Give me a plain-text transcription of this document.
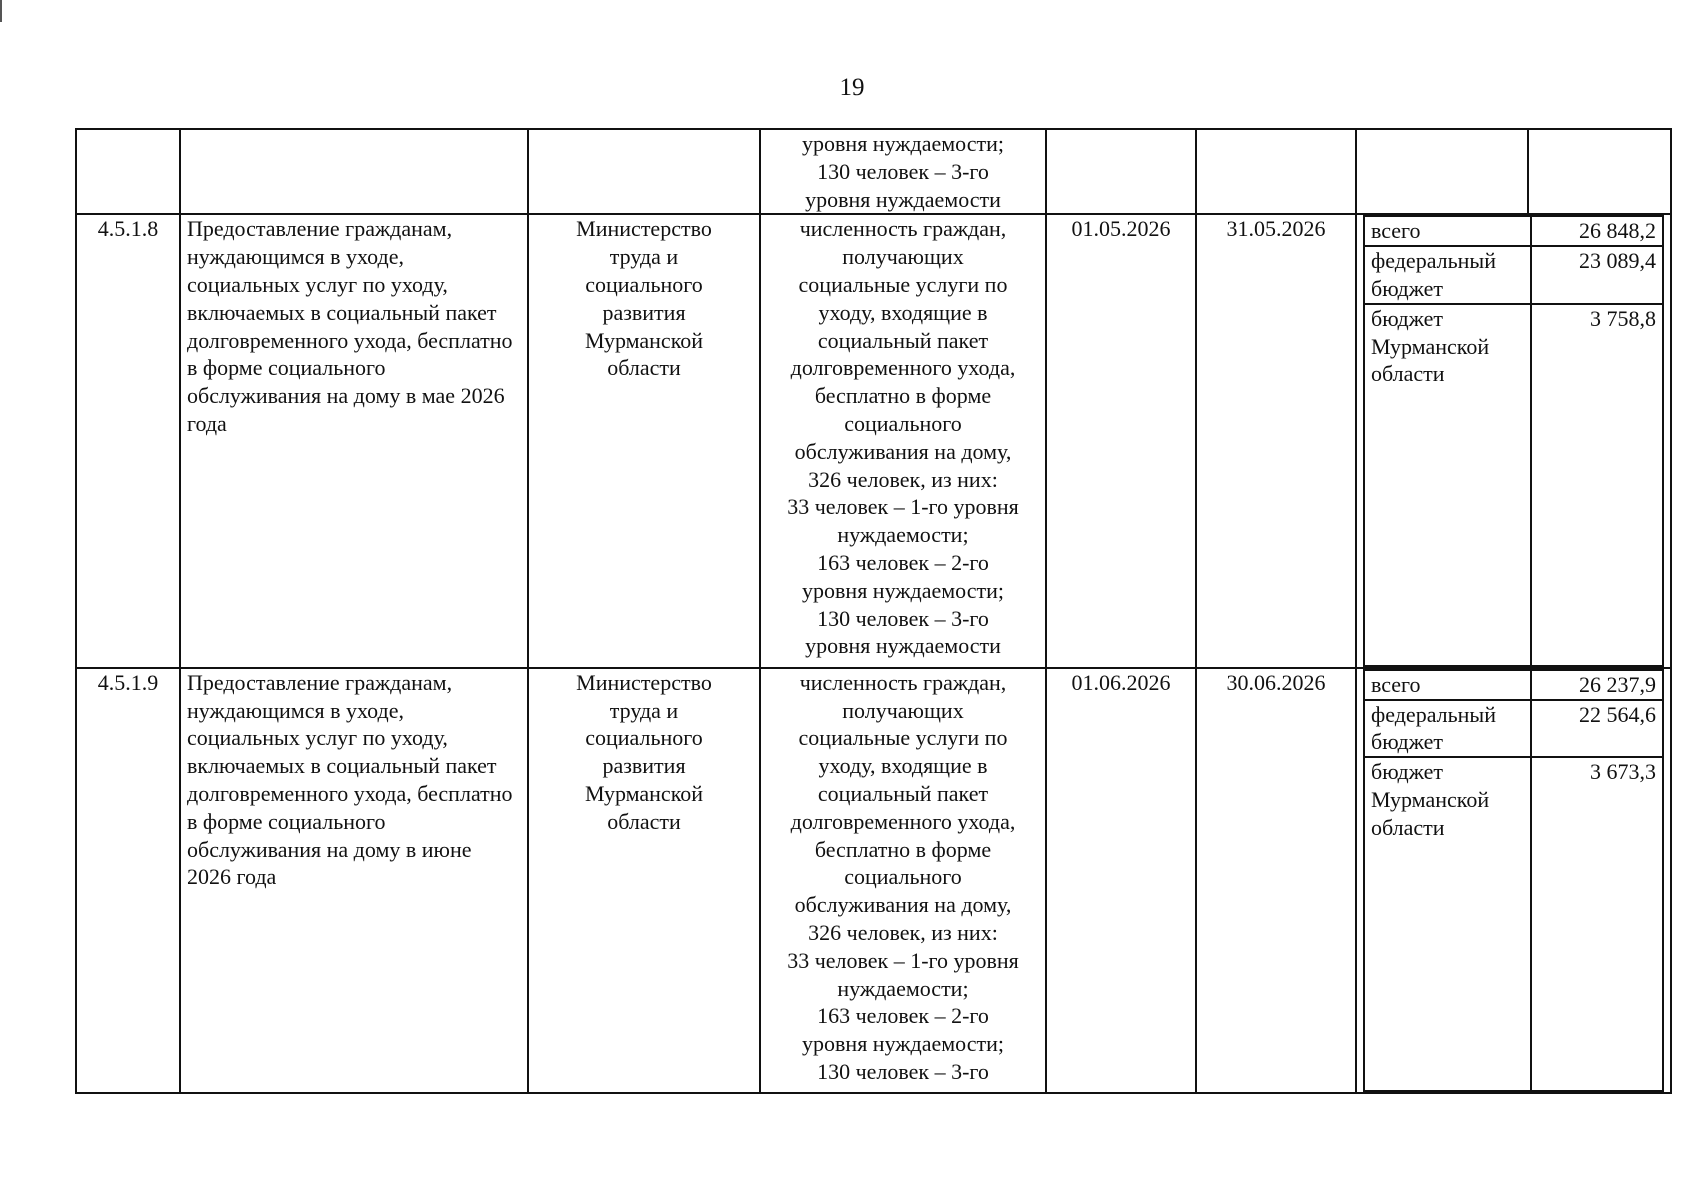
19
			уровня нуждаемости;
130 человек – 3-го
уровня нуждаемости				
4.5.1.8	Предоставление гражданам, нуждающимся в уходе, социальных услуг по уходу, включаемых в социальный пакет долговременного ухода, бесплатно в форме социального обслуживания на дому в мае 2026 года	Министерство
труда и
социального
развития
Мурманской
области	численность граждан,
получающих
социальные услуги по
уходу, входящие в
социальный пакет
долговременного ухода,
бесплатно в форме
социального
обслуживания на дому,
326 человек, из них:
33 человек – 1-го уровня
нуждаемости;
163 человек – 2-го
уровня нуждаемости;
130 человек – 3-го
уровня нуждаемости	01.05.2026	31.05.2026	всего	26 848,2
федеральный
бюджет	23 089,4
бюджет
Мурманской
области	3 758,8

4.5.1.9	Предоставление гражданам, нуждающимся в уходе, социальных услуг по уходу, включаемых в социальный пакет долговременного ухода, бесплатно в форме социального обслуживания на дому в июне 2026 года	Министерство
труда и
социального
развития
Мурманской
области	численность граждан,
получающих
социальные услуги по
уходу, входящие в
социальный пакет
долговременного ухода,
бесплатно в форме
социального
обслуживания на дому,
326 человек, из них:
33 человек – 1-го уровня
нуждаемости;
163 человек – 2-го
уровня нуждаемости;
130 человек – 3-го	01.06.2026	30.06.2026	всего	26 237,9
федеральный
бюджет	22 564,6
бюджет
Мурманской
области	3 673,3
